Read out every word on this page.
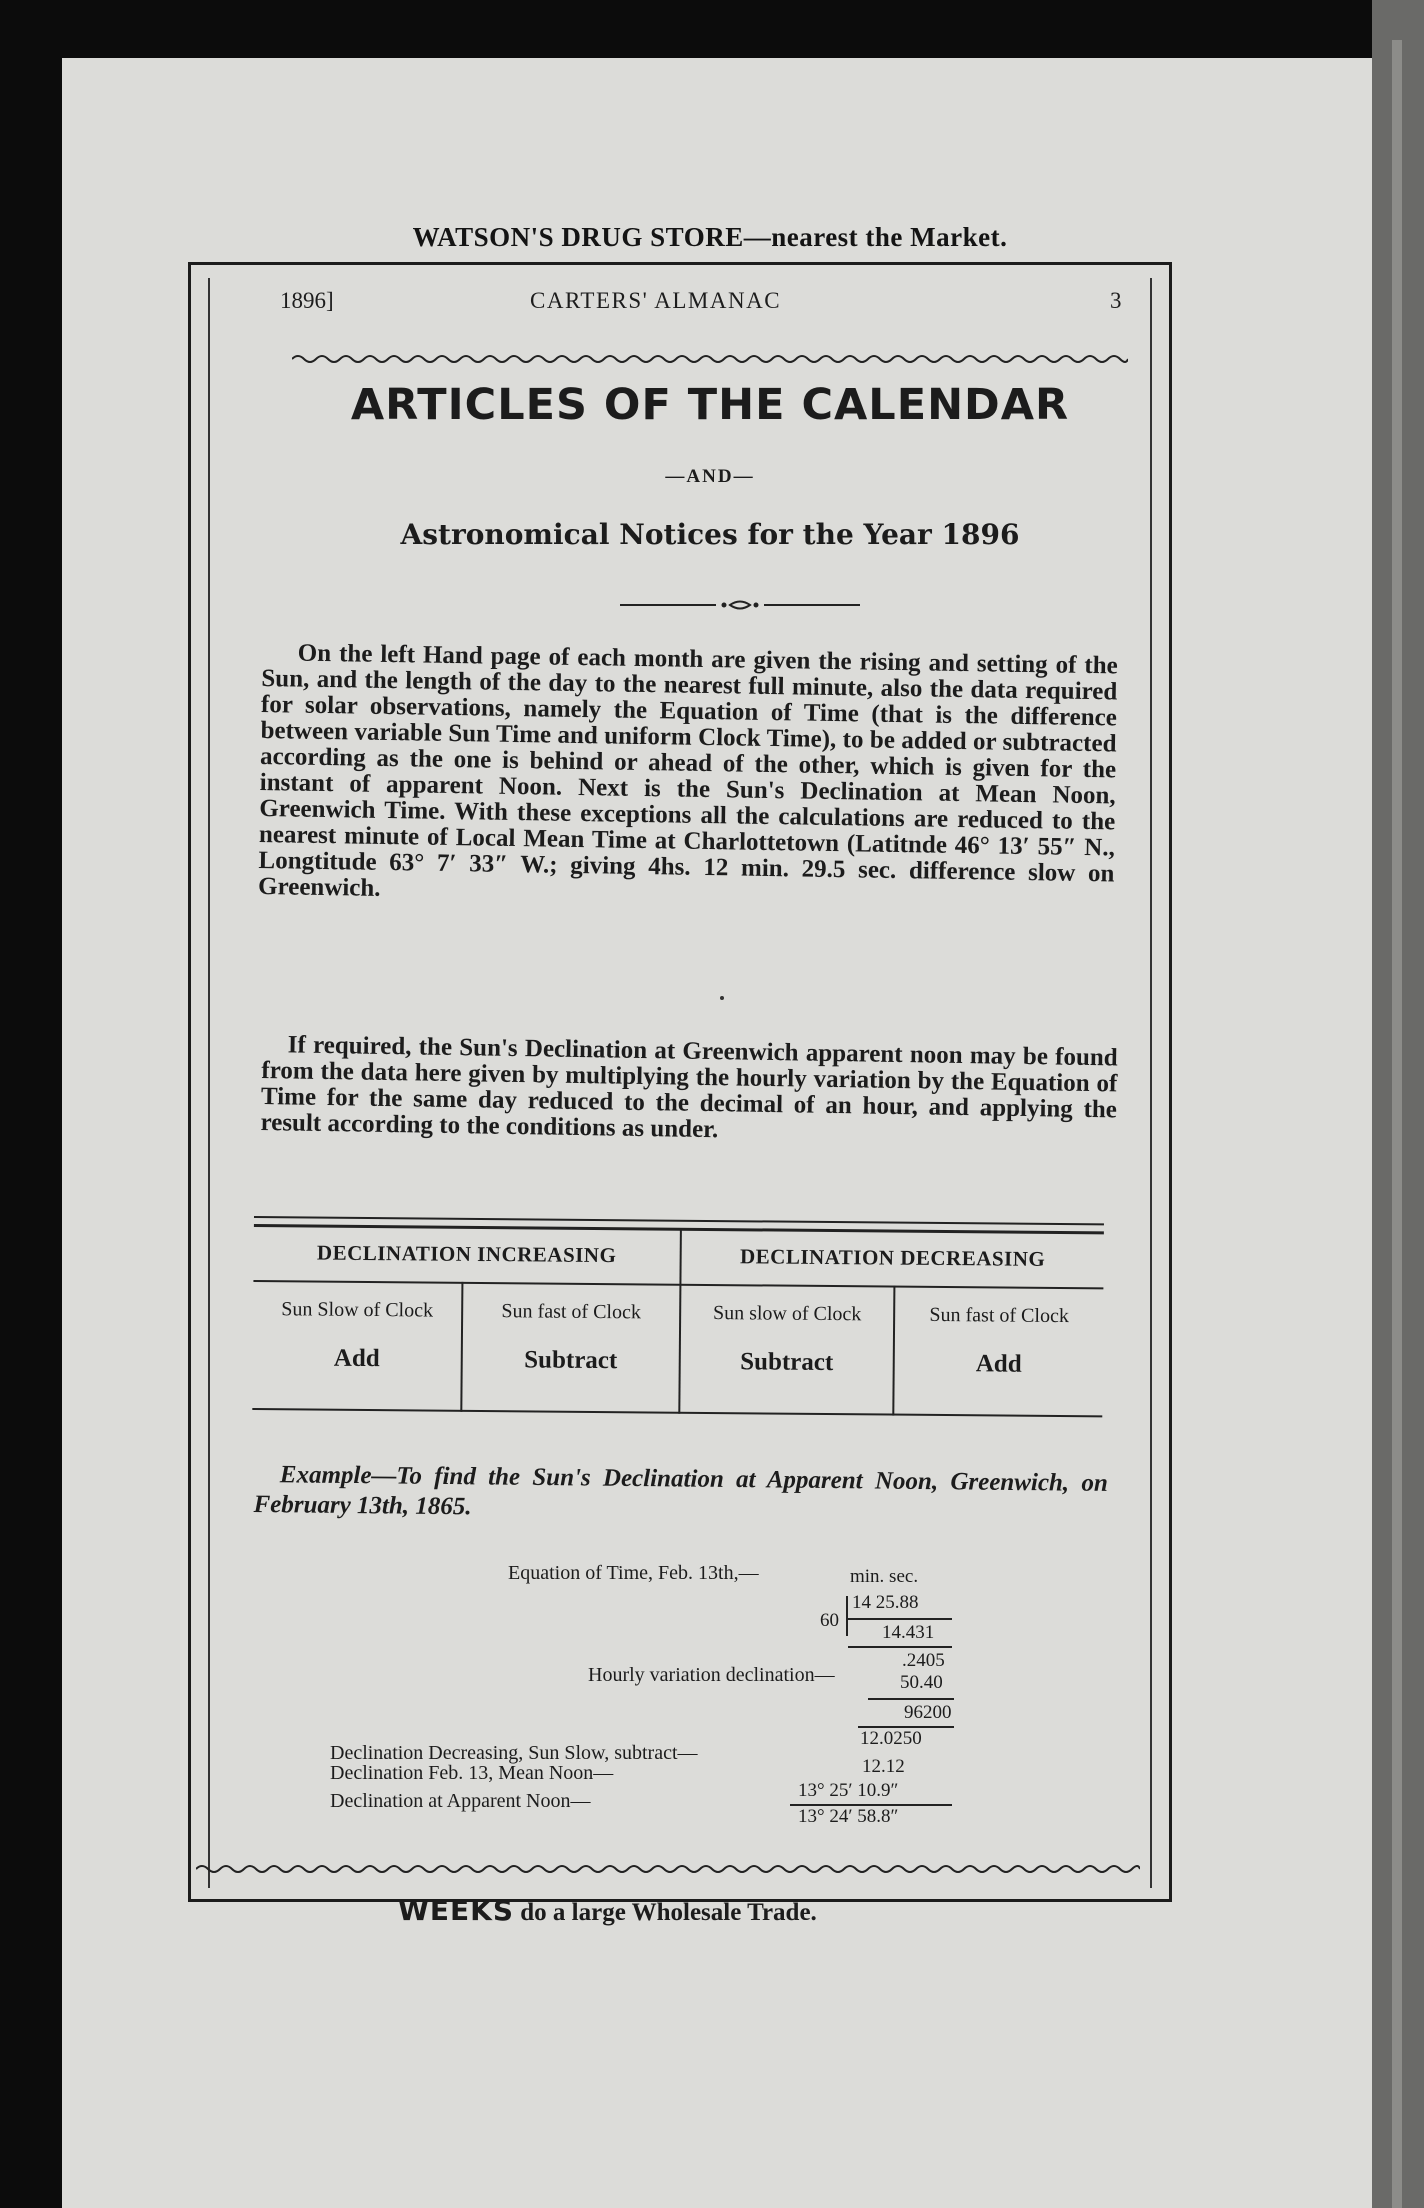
WATSON'S DRUG STORE—nearest the Market.
1896]	CARTERS' ALMANAC	3
ARTICLES OF THE CALENDAR
—AND—
Astronomical Notices for the Year 1896
On the left Hand page of each month are given the rising and setting of the Sun, and the length of the day to the nearest full minute, also the data required for solar observations, namely the Equation of Time (that is the difference between variable Sun Time and uniform Clock Time), to be added or subtracted according as the one is behind or ahead of the other, which is given for the instant of apparent Noon. Next is the Sun's Declination at Mean Noon, Greenwich Time. With these exceptions all the calculations are reduced to the nearest minute of Local Mean Time at Charlottetown (Latitnde 46° 13′ 55″ N., Longtitude 63° 7′ 33″ W.; giving 4hs. 12 min. 29.5 sec. difference slow on Greenwich.
If required, the Sun's Declination at Greenwich apparent noon may be found from the data here given by multiplying the hourly variation by the Equation of Time for the same day reduced to the decimal of an hour, and applying the result according to the conditions as under.
DECLINATION INCREASING	DECLINATION DECREASING
Sun Slow of Clock	Sun fast of Clock	Sun slow of Clock	Sun fast of Clock
Add	Subtract	Subtract	Add
Example—To find the Sun's Declination at Apparent Noon, Greenwich, on February 13th, 1865.
Equation of Time, Feb. 13th,—	min. sec.
14 25.88
60
14.431
.2405
Hourly variation declination—	50.40
96200
12.0250
Declination Decreasing, Sun Slow, subtract—
12.12
Declination Feb. 13, Mean Noon—
13° 25′ 10.9″
Declination at Apparent Noon—
13° 24′ 58.8″
WEEKS do a large Wholesale Trade.
